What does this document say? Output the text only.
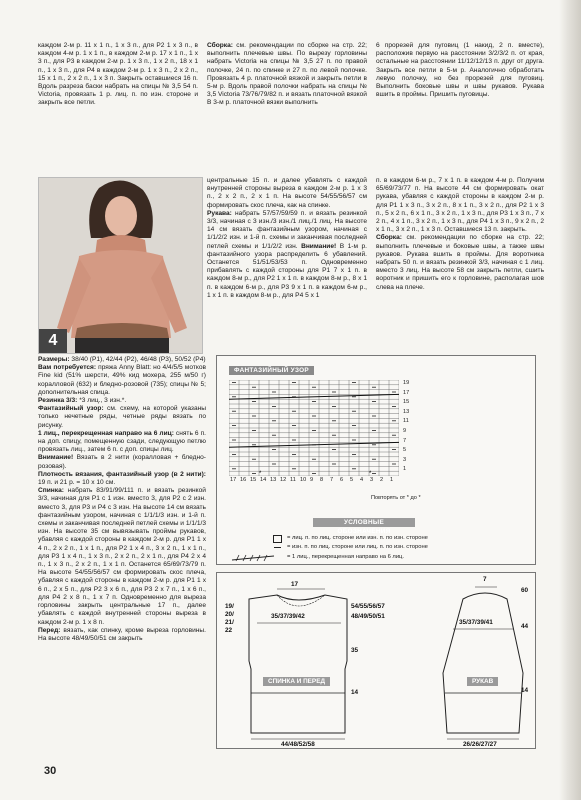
каждом 2-м р. 11 х 1 п., 1 х 3 п., для Р2 1 х 3 п., в каждом 4-м р. 1 х 1 п., в каждом 2-м р. 17 х 1 п., 1 х 3 п., для Р3 в каждом 2-м р. 1 х 3 п., 1 х 2 п., 18 х 1 п., 1 х 3 п., для Р4 в каждом 2-м р. 1 х 3 п., 2 х 2 п., 15 х 1 п., 2 х 2 п., 1 х 3 п. Закрыть оставшиеся 16 п. Вдоль разреза баски набрать на спицы № 3,5 54 п. Victoria, провязать 1 р. лиц. п. по изн. стороне и закрыть все петли.

Сборка: см. рекомендации по сборке на стр. 22; выполнить плечевые швы. По вырезу горловины набрать Victoria на спицы № 3,5 27 п. по правой полочке, 24 п. по спинке и 27 п. по левой полочке. Провязать 4 р. платочной вязкой и закрыть петли в 5-м р. Вдоль правой полочки набрать на спицы № 3,5 Victoria 73/76/79/82 п. и вязать платочной вязкой В 3-м р. платочной вязки выполнить

6 прорезей для пуговиц (1 накид, 2 п. вместе), расположив первую на расстоянии 3/2/3/2 п. от края, остальные на расстоянии 11/12/12/13 п. друг от друга. Закрыть все петли в 5-м р. Аналогично обработать левую полочку, но без прорезей для пуговиц. Выполнить боковые швы и швы рукавов. Рукава вшить в проймы. Пришить пуговицы.

4

Размеры: 38/40 (Р1), 42/44 (Р2), 46/48 (Р3), 50/52 (Р4)

Вам потребуется: пряжа Anny Blatt: но 4/4/5/5 мотков Fine kid (51% шерсти, 49% кид мохера, 255 м/50 г) коралловой (632) и бледно-розовой (735); спицы № 5; дополнительная спица.

Резинка 3/3: *3 лиц., 3 изн.*.

Фантазийный узор: см. схему, на которой указаны только нечетные ряды, четные ряды вязать по рисунку.

1 лиц., перекрещенная направо на 6 лиц: снять 6 п. на доп. спицу, помещенную сзади, следующую петлю провязать лиц., затем 6 п. с доп. спицы лиц.

Внимание! Вязать в 2 нити (коралловая + бледно-розовая).

Плотность вязания, фантазийный узор (в 2 нити): 19 п. и 21 р. = 10 х 10 см.

Спинка: набрать 83/91/99/111 п. и вязать резинкой 3/3, начиная для Р1 с 1 изн. вместо 3, для Р2 с 2 изн. вместо 3, для Р3 и Р4 с 3 изн. На высоте 14 см вязать фантазийным узором, начиная с 1/1/1/3 изн. и 1-й п. схемы и заканчивая последней петлей схемы и 1/1/1/3 изн. На высоте 35 см вывязывать проймы рукавов, убавляя с каждой стороны в каждом 2-м р. для Р1 1 х 4 п., 2 х 2 п., 1 х 1 п., для Р2 1 х 4 п., 3 х 2 п., 1 х 1 п., для Р3 1 х 4 п., 1 х 3 п., 2 х 2 п., 2 х 1 п., для Р4 2 х 4 п., 1 х 3 п., 2 х 2 п., 1 х 1 п. Останется 65/69/73/79 п. На высоте 54/55/56/57 см формировать скос плеча, убавляя с каждой стороны в каждом 2-м р. для Р1 1 х 6 п., 2 х 5 п., для Р2 3 х 6 п., для Р3 2 х 7 п., 1 х 6 п., для Р4 2 х 8 п., 1 х 7 п. Одновременно для выреза горловины закрыть центральные 17 п., далее убавлять с каждой внутренней стороны выреза в каждом 2-м р. 1 х 8 п.

Перед: вязать, как спинку, кроме выреза горловины. На высоте 48/49/50/51 см закрыть

центральные 15 п. и далее убавлять с каждой внутренней стороны выреза в каждом 2-м р. 1 х 3 п., 2 х 2 п., 2 х 1 п. На высоте 54/55/56/57 см формировать скос плеча, как на спинке.

Рукава: набрать 57/57/59/59 п. и вязать резинкой 3/3, начиная с 3 изн./3 изн./1 лиц./1 лиц. На высоте 14 см вязать фантазийным узором, начиная с 1/1/2/2 изн. и 1-й п. схемы и заканчивая последней петлей схемы и 1/1/2/2 изн. Внимание! В 1-м р. фантазийного узора распределить 6 убавлений. Останется 51/51/53/53 п. Одновременно прибавлять с каждой стороны для Р1 7 х 1 п. в каждом 8-м р., для Р2 1 х 1 п. в каждом 8-м р., 8 х 1 п. в каждом 6-м р., для Р3 9 х 1 п. в каждом 6-м р., 1 х 1 п. в каждом 8-м р., для Р4 5 х 1

п. в каждом 6-м р., 7 х 1 п. в каждом 4-м р. Получим 65/69/73/77 п. На высоте 44 см формировать окат рукава, убавляя с каждой стороны в каждом 2-м р. для Р1 1 х 3 п., 3 х 2 п., 8 х 1 п., 3 х 2 п., для Р2 1 х 3 п., 5 х 2 п., 6 х 1 п., 3 х 2 п., 1 х 3 п., для Р3 1 х 3 п., 7 х 2 п., 4 х 1 п., 3 х 2 п., 1 х 3 п., для Р4 1 х 3 п., 9 х 2 п., 2 х 1 п., 3 х 2 п., 1 х 3 п. Оставшиеся 13 п. закрыть.

Сборка: см. рекомендации по сборке на стр. 22; выполнить плечевые и боковые швы, а также швы рукавов. Рукава вшить в проймы. Для воротника набрать 50 п. и вязать резинкой 3/3, начиная с 1 лиц. вместо 3 лиц. На высоте 58 см закрыть петли, сшить воротник и пришить его к горловине, располагая шов слева на плече.

ФАНТАЗИЙНЫЙ УЗОР
*	*
19
17
15
13
11
9
7
5
3
1
17 16 15 14 13 12 11 10 9 8 7 6 5 4 3 2 1
Повторять от * до *
УСЛОВНЫЕ ОБОЗНАЧЕНИЯ
= лиц. п. по лиц. стороне или изн. п. по изн. стороне
= изн. п. по лиц. стороне или лиц. п. по изн. стороне
= 1 лиц., перекрещенная направо на 6 лиц.
17
35/37/39/42
19/
20/
21/
22
54/55/56/57
48/49/50/51
35
14
СПИНКА И ПЕРЕД
44/48/52/58
7
35/37/39/41
60
44
14
РУКАВ
26/26/27/27
30
